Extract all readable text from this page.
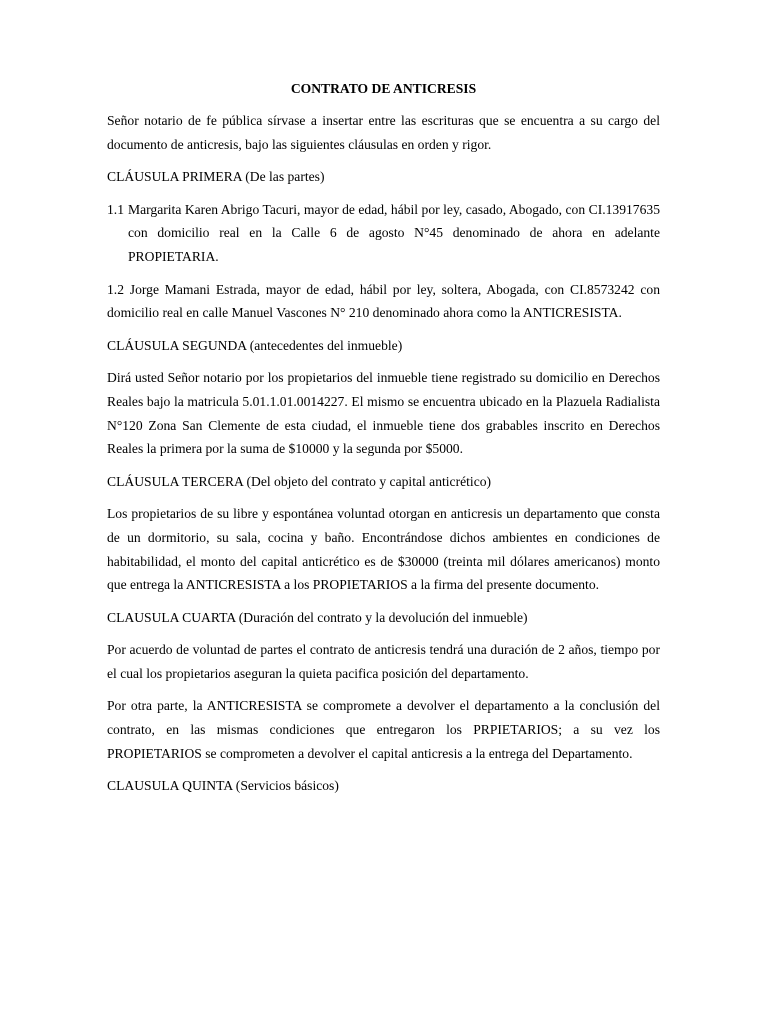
CONTRATO DE ANTICRESIS
Señor notario de fe pública sírvase a insertar entre las escrituras que se encuentra a su cargo del documento de anticresis, bajo las siguientes cláusulas en orden y rigor.
CLÁUSULA PRIMERA (De las partes)
1.1 Margarita Karen Abrigo Tacuri, mayor de edad, hábil por ley, casado, Abogado, con CI.13917635 con domicilio real en la Calle 6 de agosto N°45 denominado de ahora en adelante PROPIETARIA.
1.2 Jorge Mamani Estrada, mayor de edad, hábil por ley, soltera, Abogada, con CI.8573242 con domicilio real en calle Manuel Vascones N° 210 denominado ahora como la ANTICRESISTA.
CLÁUSULA SEGUNDA (antecedentes del inmueble)
Dirá usted Señor notario por los propietarios del inmueble tiene registrado su domicilio en Derechos Reales bajo la matricula 5.01.1.01.0014227. El mismo se encuentra ubicado en la Plazuela Radialista N°120 Zona San Clemente de esta ciudad, el inmueble tiene dos grabables inscrito en Derechos Reales la primera por la suma de $10000 y la segunda por $5000.
CLÁUSULA TERCERA (Del objeto del contrato y capital anticrético)
Los propietarios de su libre y espontánea voluntad otorgan en anticresis un departamento que consta de un dormitorio, su sala, cocina y baño. Encontrándose dichos ambientes en condiciones de habitabilidad, el monto del capital anticrético es de $30000 (treinta mil dólares americanos) monto que entrega la ANTICRESISTA a los PROPIETARIOS a la firma del presente documento.
CLAUSULA CUARTA (Duración del contrato y la devolución del inmueble)
Por acuerdo de voluntad de partes el contrato de anticresis tendrá una duración de 2 años, tiempo por el cual los propietarios aseguran la quieta pacifica posición del departamento.
Por otra parte, la ANTICRESISTA se compromete a devolver el departamento a la conclusión del contrato, en las mismas condiciones que entregaron los PRPIETARIOS; a su vez los PROPIETARIOS se comprometen a devolver el capital anticresis a la entrega del Departamento.
CLAUSULA QUINTA (Servicios básicos)
